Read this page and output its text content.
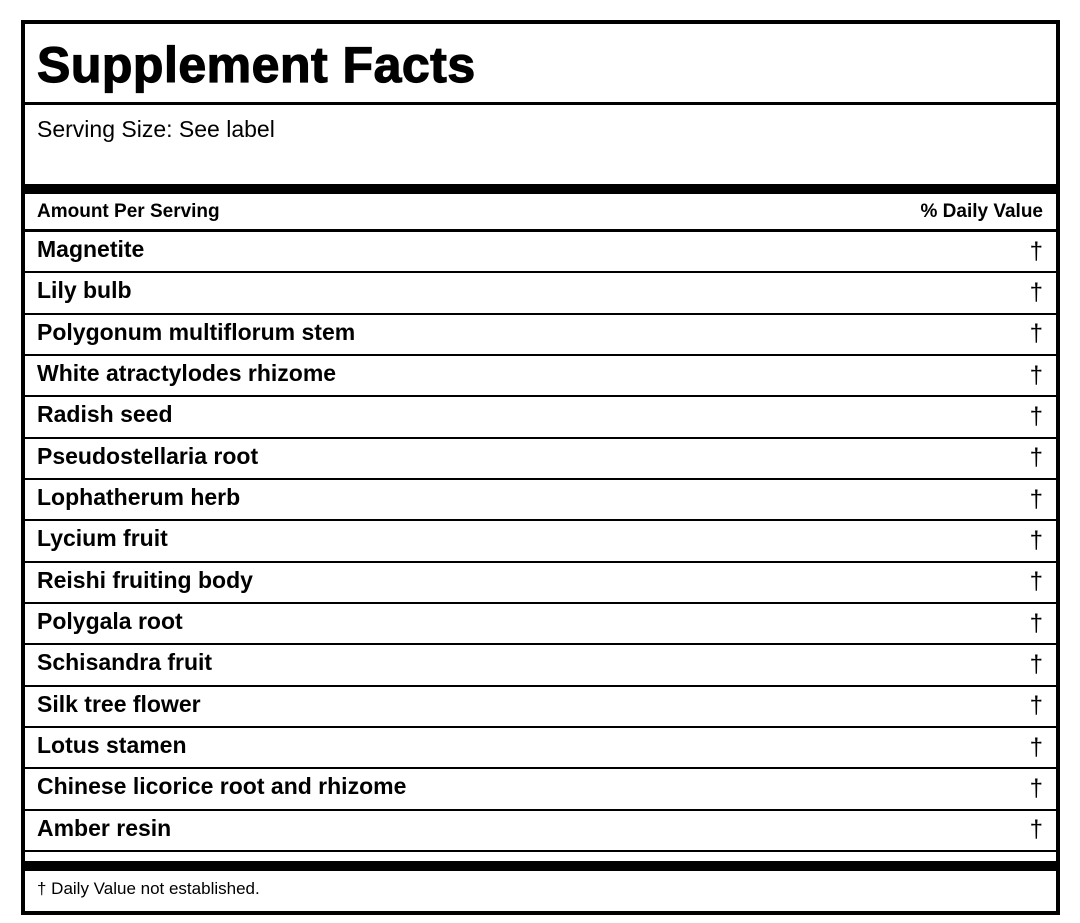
Supplement Facts
Serving Size: See label
Amount Per Serving	% Daily Value
Magnetite	†
Lily bulb	†
Polygonum multiflorum stem	†
White atractylodes rhizome	†
Radish seed	†
Pseudostellaria root	†
Lophatherum herb	†
Lycium fruit	†
Reishi fruiting body	†
Polygala root	†
Schisandra fruit	†
Silk tree flower	†
Lotus stamen	†
Chinese licorice root and rhizome	†
Amber resin	†
† Daily Value not established.
